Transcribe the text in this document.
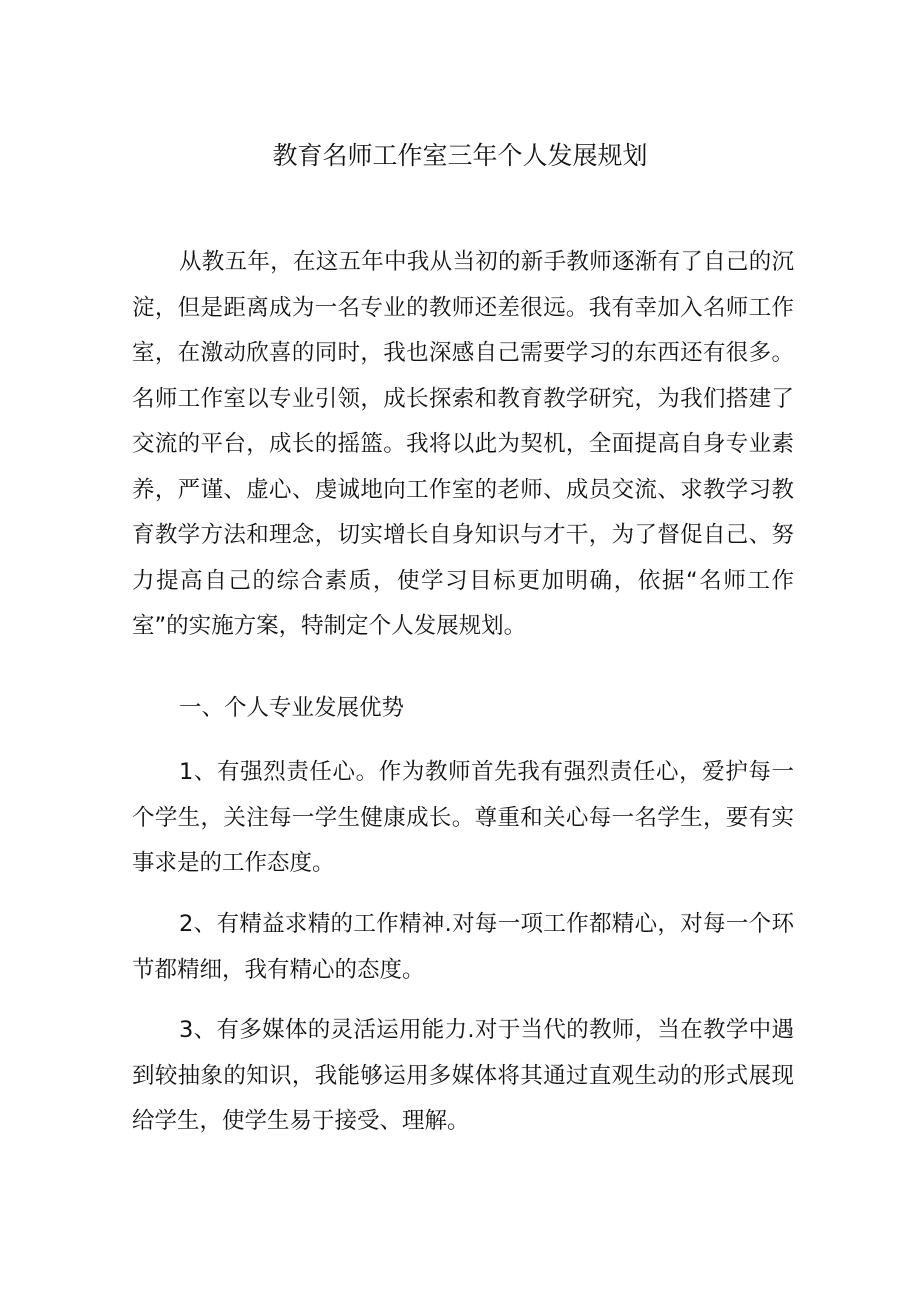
教育名师工作室三年个人发展规划

从教五年，在这五年中我从当初的新手教师逐渐有了自己的沉淀，但是距离成为一名专业的教师还差很远。我有幸加入名师工作室，在激动欣喜的同时，我也深感自己需要学习的东西还有很多。名师工作室以专业引领，成长探索和教育教学研究，为我们搭建了交流的平台，成长的摇篮。我将以此为契机，全面提高自身专业素养，严谨、虚心、虔诚地向工作室的老师、成员交流、求教学习教育教学方法和理念，切实增长自身知识与才干，为了督促自己、努力提高自己的综合素质，使学习目标更加明确，依据“名师工作室”的实施方案，特制定个人发展规划。

一、个人专业发展优势

1、有强烈责任心。作为教师首先我有强烈责任心，爱护每一个学生，关注每一学生健康成长。尊重和关心每一名学生，要有实事求是的工作态度。

2、有精益求精的工作精神.对每一项工作都精心，对每一个环节都精细，我有精心的态度。

3、有多媒体的灵活运用能力.对于当代的教师，当在教学中遇到较抽象的知识，我能够运用多媒体将其通过直观生动的形式展现给学生，使学生易于接受、理解。
